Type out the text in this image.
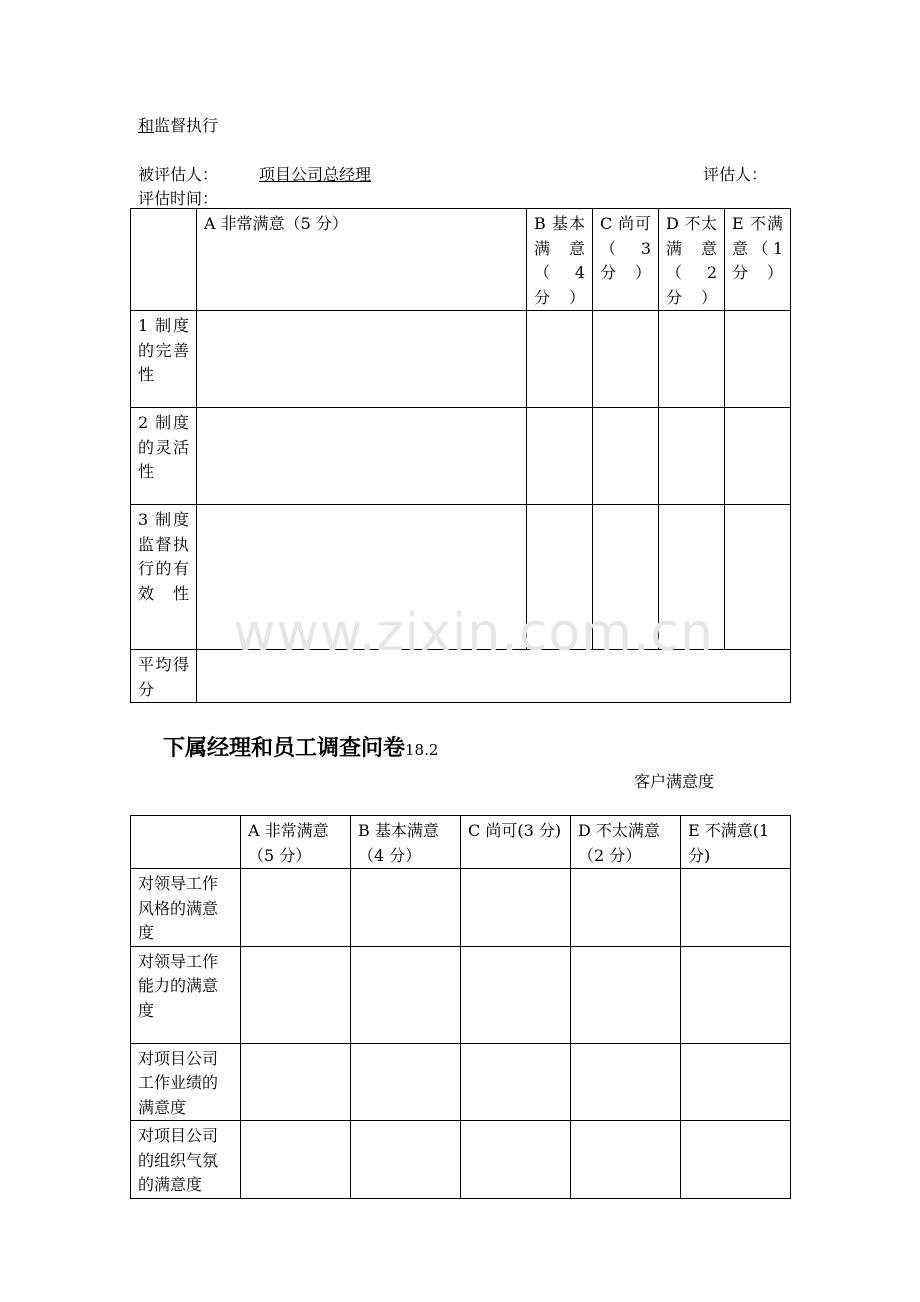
和监督执行
被评估人：	项目公司总经理	评估人：
评估时间：
	A 非常满意（5 分）	B 基本满意（4 分）	C 尚可（3 分）	D 不太满意（2 分）	E 不满意（1 分）
1 制度的完善性					
2 制度的灵活性					
3 制度监督执行的有效性					
平均得分					
下属经理和员工调查问卷18.2
客户满意度
	A 非常满意（5 分）	B 基本满意（4 分）	C 尚可(3 分)	D 不太满意（2 分）	E 不满意(1 分)
对领导工作风格的满意度					
对领导工作能力的满意度					
对项目公司工作业绩的满意度					
对项目公司的组织气氛的满意度					
www.zixin.com.cn
